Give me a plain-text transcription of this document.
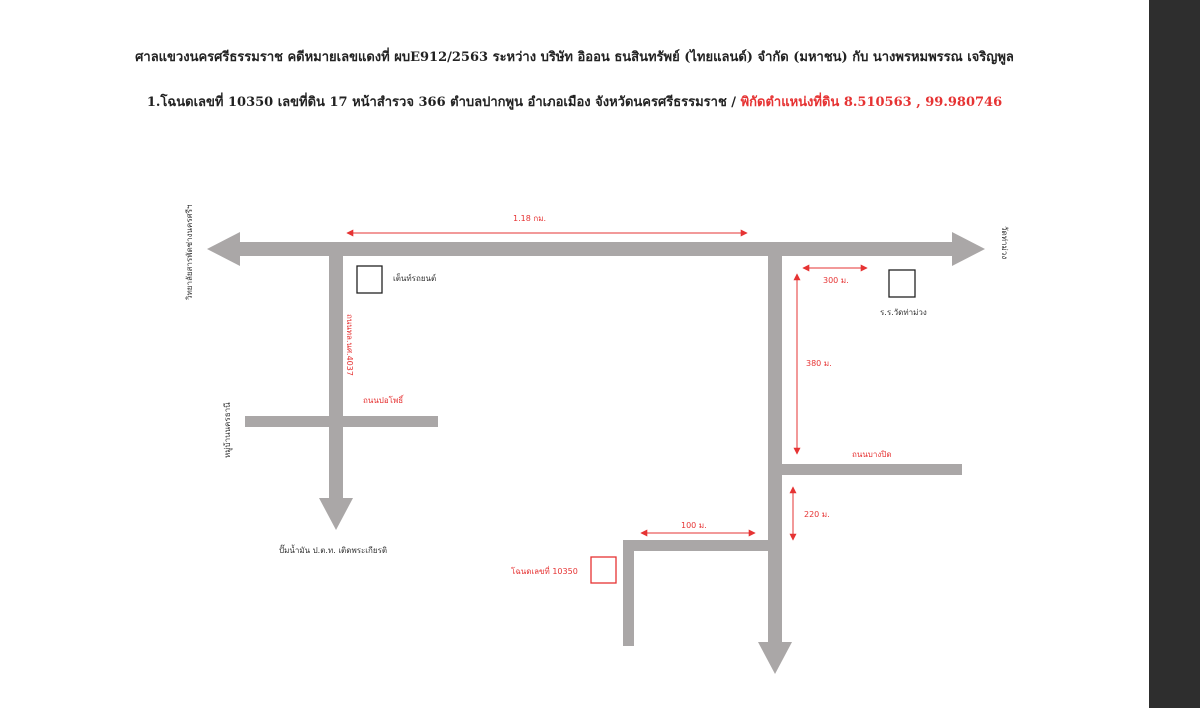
ศาลแขวงนครศรีธรรมราช คดีหมายเลขแดงที่ ผบE912/2563 ระหว่าง บริษัท อิออน ธนสินทรัพย์ (ไทยแลนด์) จำกัด (มหาชน) กับ นางพรหมพรรณ เจริญพูล
1.โฉนดเลขที่ 10350 เลขที่ดิน 17 หน้าสำรวจ 366 ตำบลปากพูน อำเภอเมือง จังหวัดนครศรีธรรมราช / พิกัดตำแหน่งที่ดิน 8.510563 , 99.980746
วิทยาลัยสารพัดช่างนครศรีฯ	วัดท่าม่วง
1.18 กม.
เต็นท์รถยนต์
ร.ร.วัดท่าม่วง
ถนนทล.นศ.4037
ถนนปอโพธิ์
หมู่บ้านนครธานี
ปั๊มน้ำมัน ป.ต.ท. เติดพระเกียรติ
300 ม.
380 ม.
ถนนบางปิด
220 ม.
100 ม.
โฉนดเลขที่ 10350
